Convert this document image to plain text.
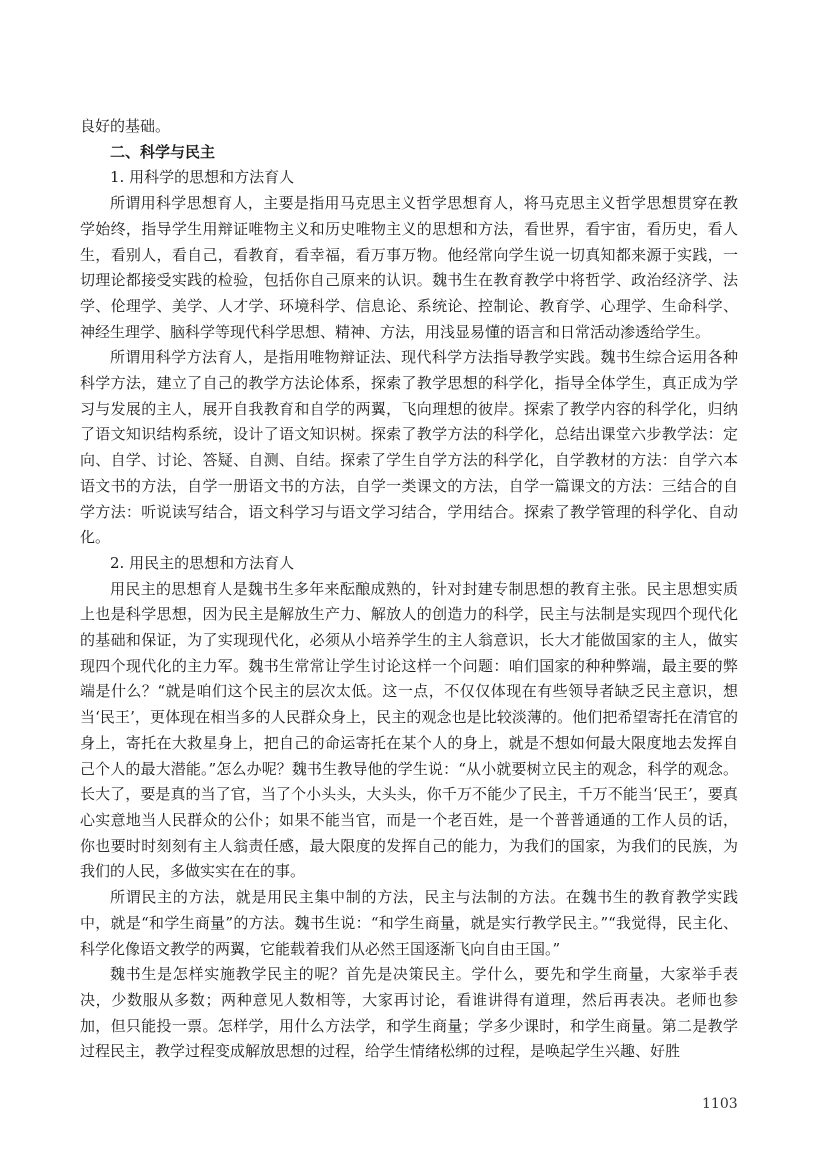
良好的基础。

二、科学与民主

1. 用科学的思想和方法育人

所谓用科学思想育人，主要是指用马克思主义哲学思想育人，将马克思主义哲学思想贯穿在教学始终，指导学生用辩证唯物主义和历史唯物主义的思想和方法，看世界，看宇宙，看历史，看人生，看别人，看自己，看教育，看幸福，看万事万物。他经常向学生说一切真知都来源于实践，一切理论都接受实践的检验，包括你自己原来的认识。魏书生在教育教学中将哲学、政治经济学、法学、伦理学、美学、人才学、环境科学、信息论、系统论、控制论、教育学、心理学、生命科学、神经生理学、脑科学等现代科学思想、精神、方法，用浅显易懂的语言和日常活动渗透给学生。

所谓用科学方法育人，是指用唯物辩证法、现代科学方法指导教学实践。魏书生综合运用各种科学方法，建立了自己的教学方法论体系，探索了教学思想的科学化，指导全体学生，真正成为学习与发展的主人，展开自我教育和自学的两翼，飞向理想的彼岸。探索了教学内容的科学化，归纳了语文知识结构系统，设计了语文知识树。探索了教学方法的科学化，总结出课堂六步教学法：定向、自学、讨论、答疑、自测、自结。探索了学生自学方法的科学化，自学教材的方法：自学六本语文书的方法，自学一册语文书的方法，自学一类课文的方法，自学一篇课文的方法：三结合的自学方法：听说读写结合，语文科学习与语文学习结合，学用结合。探索了教学管理的科学化、自动化。

2. 用民主的思想和方法育人

用民主的思想育人是魏书生多年来酝酿成熟的，针对封建专制思想的教育主张。民主思想实质上也是科学思想，因为民主是解放生产力、解放人的创造力的科学，民主与法制是实现四个现代化的基础和保证，为了实现现代化，必须从小培养学生的主人翁意识，长大才能做国家的主人，做实现四个现代化的主力军。魏书生常常让学生讨论这样一个问题：咱们国家的种种弊端，最主要的弊端是什么？“就是咱们这个民主的层次太低。这一点，不仅仅体现在有些领导者缺乏民主意识，想当‘民王’，更体现在相当多的人民群众身上，民主的观念也是比较淡薄的。他们把希望寄托在清官的身上，寄托在大救星身上，把自己的命运寄托在某个人的身上，就是不想如何最大限度地去发挥自己个人的最大潜能。”怎么办呢？魏书生教导他的学生说：“从小就要树立民主的观念，科学的观念。长大了，要是真的当了官，当了个小头头，大头头，你千万不能少了民主，千万不能当‘民王’，要真心实意地当人民群众的公仆；如果不能当官，而是一个老百姓，是一个普普通通的工作人员的话，你也要时时刻刻有主人翁责任感，最大限度的发挥自己的能力，为我们的国家，为我们的民族，为我们的人民，多做实实在在的事。

所谓民主的方法，就是用民主集中制的方法，民主与法制的方法。在魏书生的教育教学实践中，就是“和学生商量”的方法。魏书生说：“和学生商量，就是实行教学民主。”“我觉得，民主化、科学化像语文教学的两翼，它能载着我们从必然王国逐渐飞向自由王国。”

魏书生是怎样实施教学民主的呢？首先是决策民主。学什么，要先和学生商量，大家举手表决，少数服从多数；两种意见人数相等，大家再讨论，看谁讲得有道理，然后再表决。老师也参加，但只能投一票。怎样学，用什么方法学，和学生商量；学多少课时，和学生商量。第二是教学过程民主，教学过程变成解放思想的过程，给学生情绪松绑的过程，是唤起学生兴趣、好胜

1103
